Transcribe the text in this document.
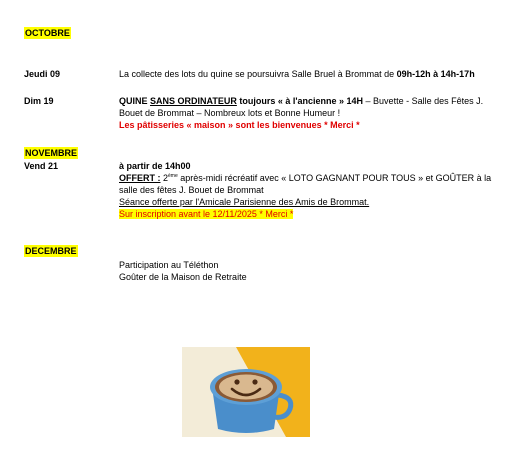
OCTOBRE
Jeudi 09	La collecte des lots du quine se poursuivra Salle Bruel à Brommat de 09h-12h à 14h-17h
Dim 19	QUINE SANS ORDINATEUR toujours « à l'ancienne » 14H – Buvette - Salle des Fêtes J.
Bouet de Brommat – Nombreux lots et Bonne Humeur !
Les pâtisseries « maison » sont les bienvenues * Merci *
NOVEMBRE
Vend 21	à partir de 14h00
OFFERT : 2ème après-midi récréatif avec « LOTO GAGNANT POUR TOUS » et GOÛTER à la
salle des fêtes J. Bouet de Brommat
Séance offerte par l'Amicale Parisienne des Amis de Brommat.
Sur inscription avant le 12/11/2025 * Merci *
DECEMBRE
Participation au Téléthon
Goûter de la Maison de Retraite
